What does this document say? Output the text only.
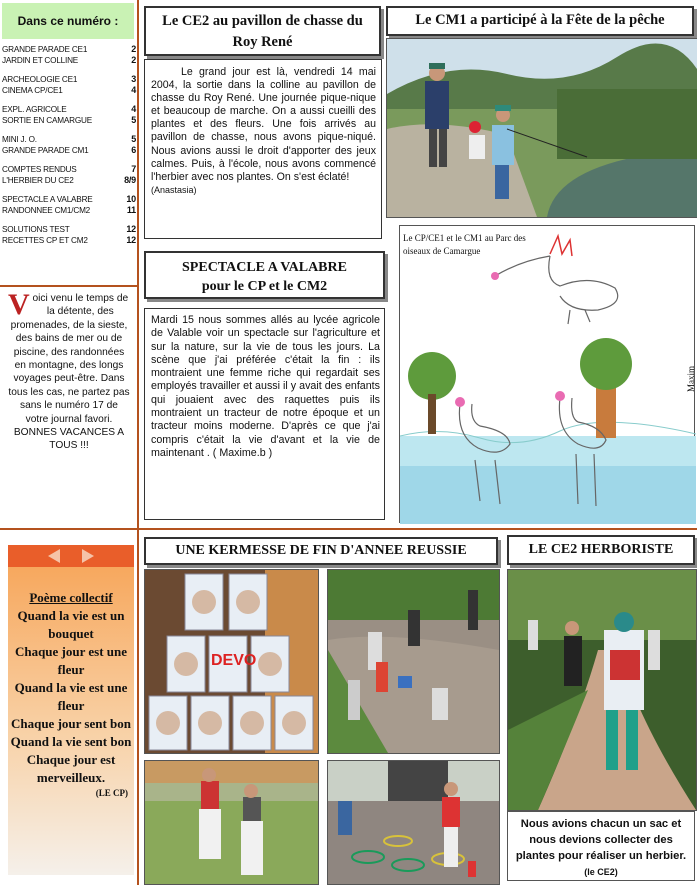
Dans ce numéro :
GRANDE PARADE CE1	2
JARDIN ET COLLINE	2
ARCHEOLOGIE CE1	3
CINEMA CP/CE1	4
EXPL. AGRICOLE	4
SORTIE EN CAMARGUE	5
MINI J. O.	5
GRANDE PARADE CM1	6
COMPTES RENDUS	7
L'HERBIER DU CE2	8/9
SPECTACLE A VALABRE	10
RANDONNEE CM1/CM2	11
SOLUTIONS TEST	12
RECETTES CP ET CM2	12
Voici venu le temps de la détente, des promenades, de la sieste, des bains de mer ou de piscine, des randonnées en montagne, des longs voyages peut-être. Dans tous les cas, ne partez pas sans le numéro 17 de votre journal favori. BONNES VACANCES A TOUS !!!
Poème collectif
Quand la vie est un bouquet
Chaque jour est une fleur
Quand la vie est une fleur
Chaque jour sent bon
Quand la vie sent bon
Chaque jour est merveilleux.
(LE CP)
Le CE2 au pavillon de chasse du Roy René
Le grand jour est là, vendredi 14 mai 2004, la sortie dans la colline au pavillon de chasse du Roy René. Une journée pique-nique et beaucoup de marche. On a aussi cueilli des plantes et des fleurs. Une fois arrivés au pavillon de chasse, nous avons pique-niqué. Nous avions aussi le droit d'apporter des jeux calmes. Puis, à l'école, nous avons commencé l'herbier avec nos plantes. On s'est éclaté!
(Anastasia)
Le CM1 a participé à la Fête de la pêche
SPECTACLE A VALABRE
pour le CP et le CM2
Mardi 15 nous sommes allés au lycée agricole de Valable voir un spectacle sur l'agriculture et sur la nature, sur la vie de tous les jours. La scène que j'ai préférée c'était la fin : ils montraient une femme riche qui regardait ses employés travailler et aussi il y avait des enfants qui jouaient avec des raquettes puis ils montraient un tracteur de notre époque et un tracteur moins moderne. D'après ce que j'ai compris c'était la vie d'avant et la vie de maintenant . ( Maxime.b )
Le CP/CE1 et le CM1 au Parc des oiseaux de Camargue
Maxim
UNE KERMESSE DE FIN D'ANNEE REUSSIE
DEVO
LE CE2 HERBORISTE
Nous avions chacun un sac et nous devions collecter des plantes pour réaliser un herbier. (le CE2)
